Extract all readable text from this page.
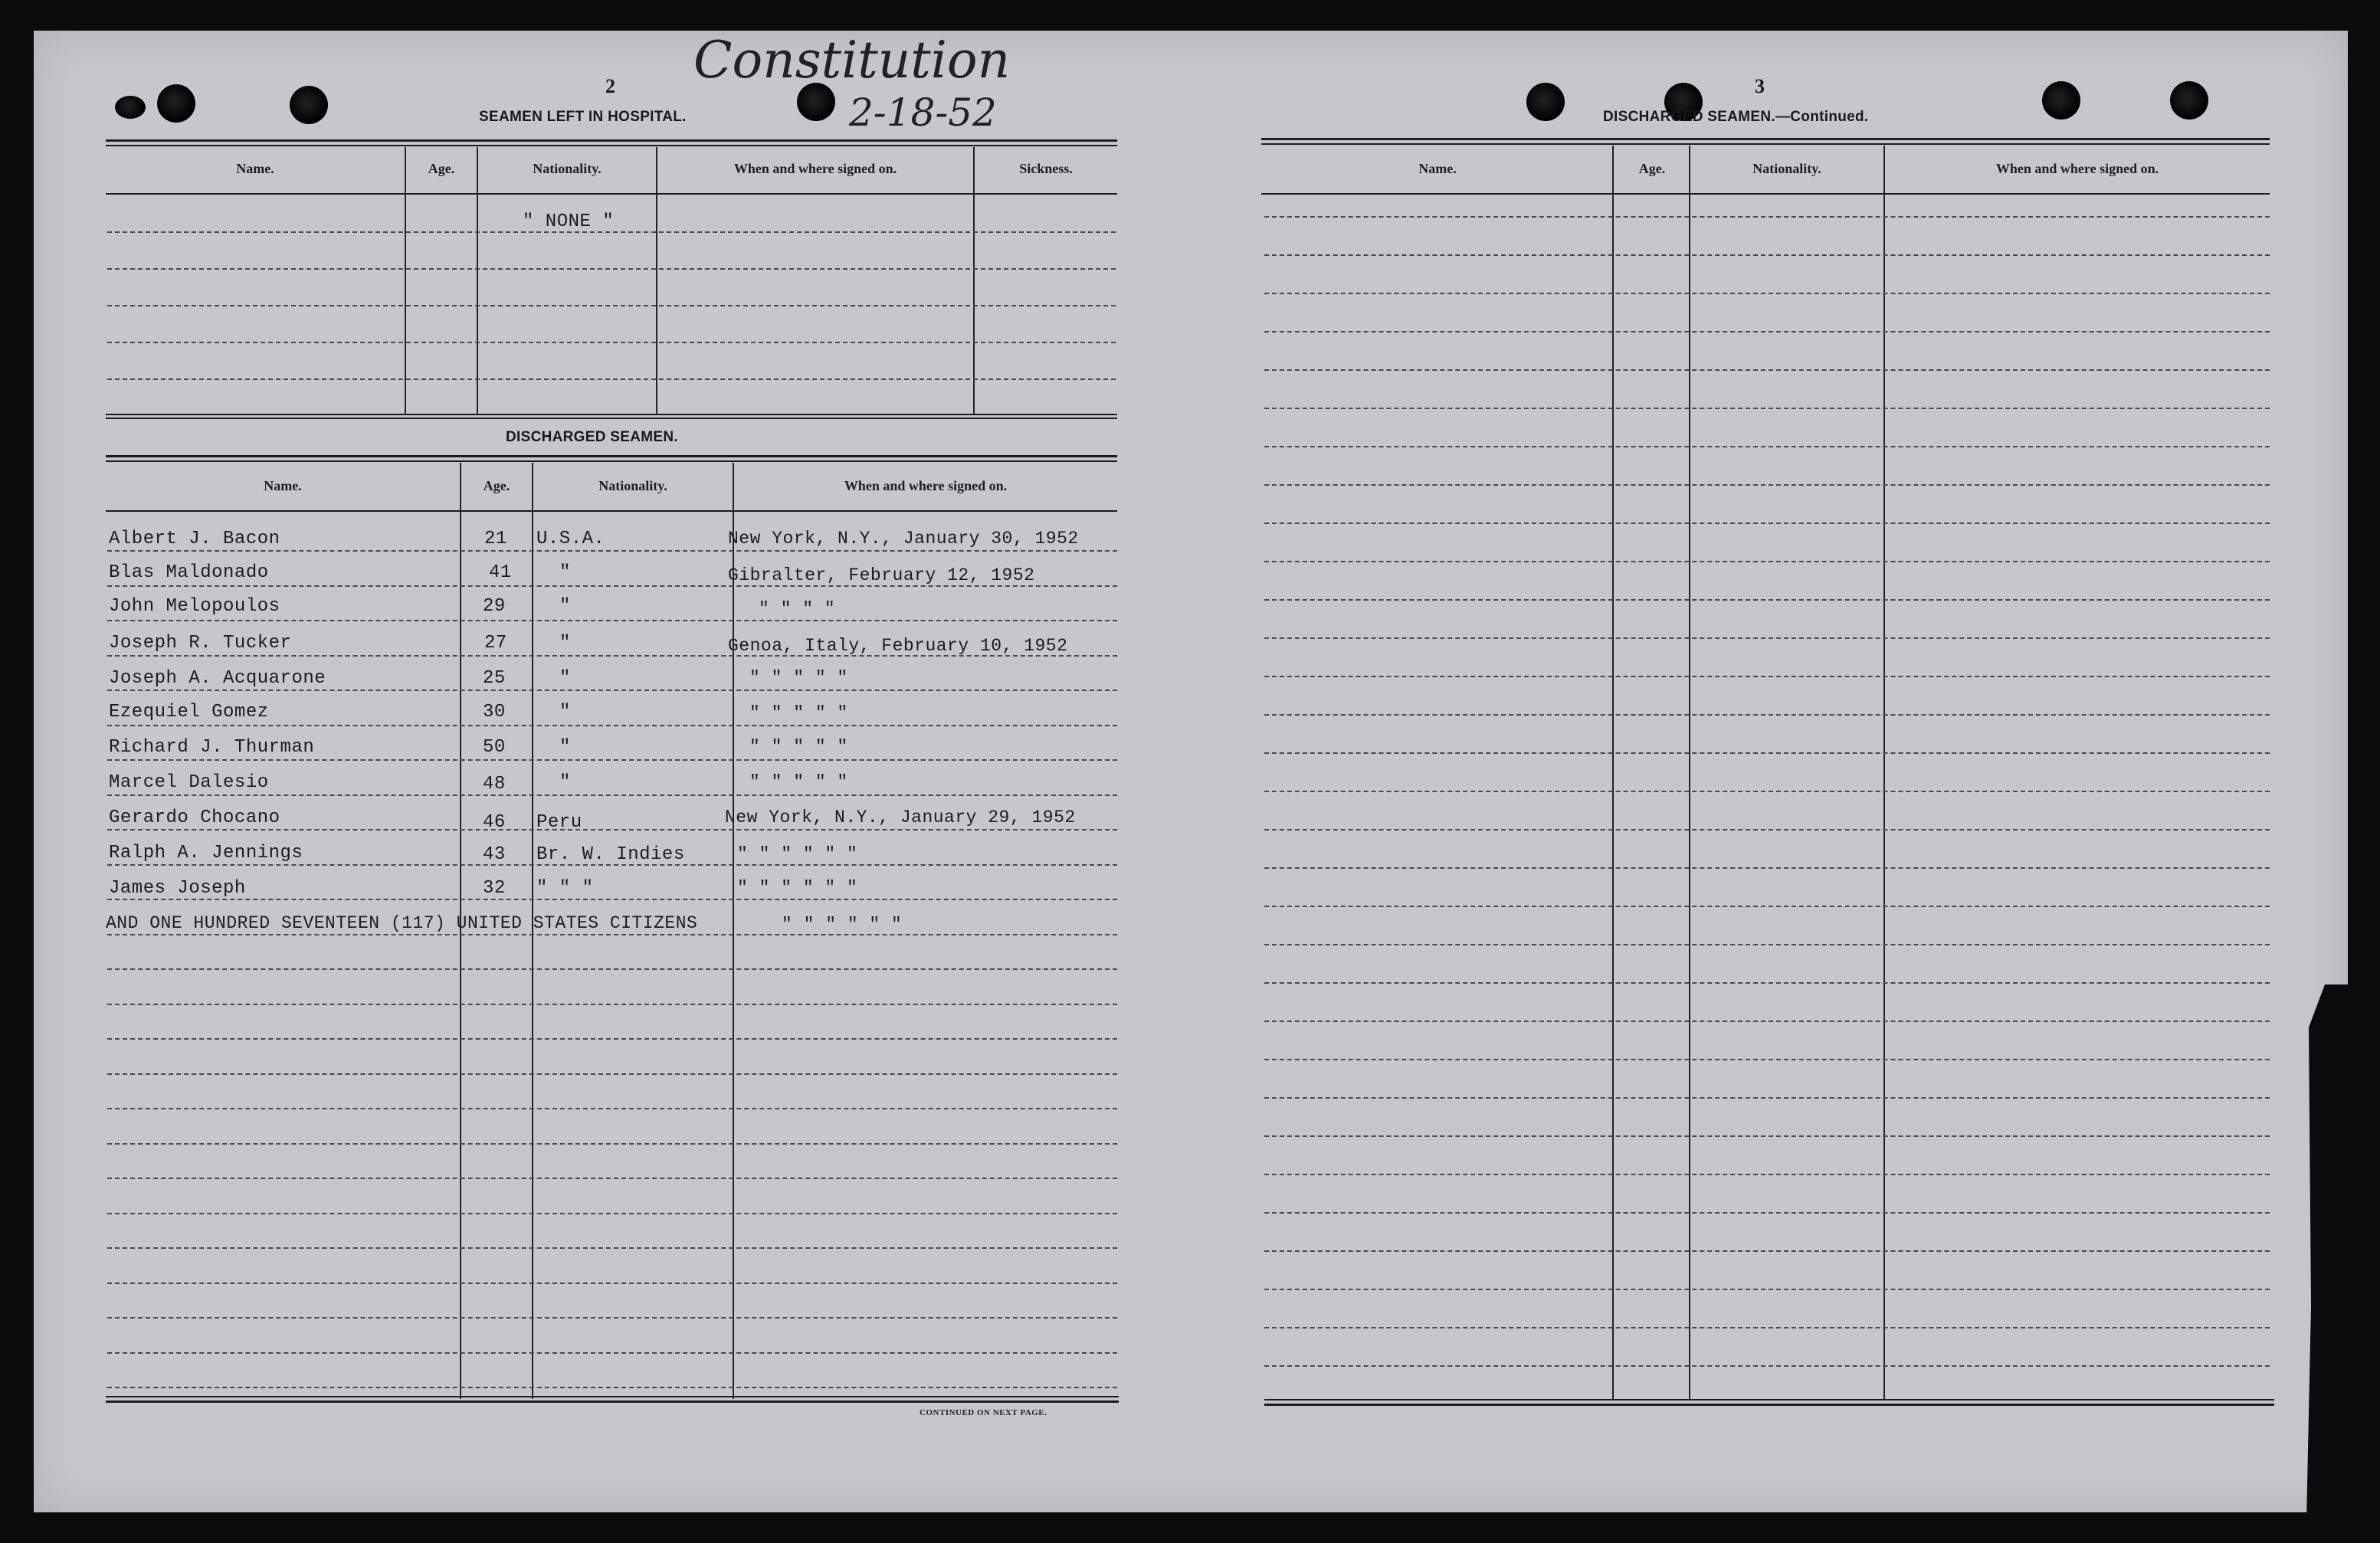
Constitution
2-18-52
2
SEAMEN LEFT IN HOSPITAL.
Name.	Age.	Nationality.	When and where signed on.	Sickness.
" NONE "
DISCHARGED SEAMEN.
Name.	Age.	Nationality.	When and where signed on.
Albert J. Bacon	21 U.S.A.	New York, N.Y., January 30, 1952
Blas Maldonado	41	"	Gibralter, February 12, 1952
John Melopoulos	29	"	" " " "
Joseph R. Tucker	27	"	Genoa, Italy, February 10, 1952
Joseph A. Acquarone	25	"	" " " " "
Ezequiel Gomez	30	"	" " " " "
Richard J. Thurman	50	"	" " " " "
Marcel Dalesio	48	"	" " " " "
Gerardo Chocano	46 Peru	New York, N.Y., January 29, 1952
Ralph A. Jennings	43 Br. W. Indies	" " " " " "
James Joseph	32 " " "	" " " " " "
AND ONE HUNDRED SEVENTEEN (117) UNITED STATES CITIZENS	" " " " " "
CONTINUED ON NEXT PAGE.
3
DISCHARGED SEAMEN.—Continued.
Name.	Age.	Nationality.	When and where signed on.
